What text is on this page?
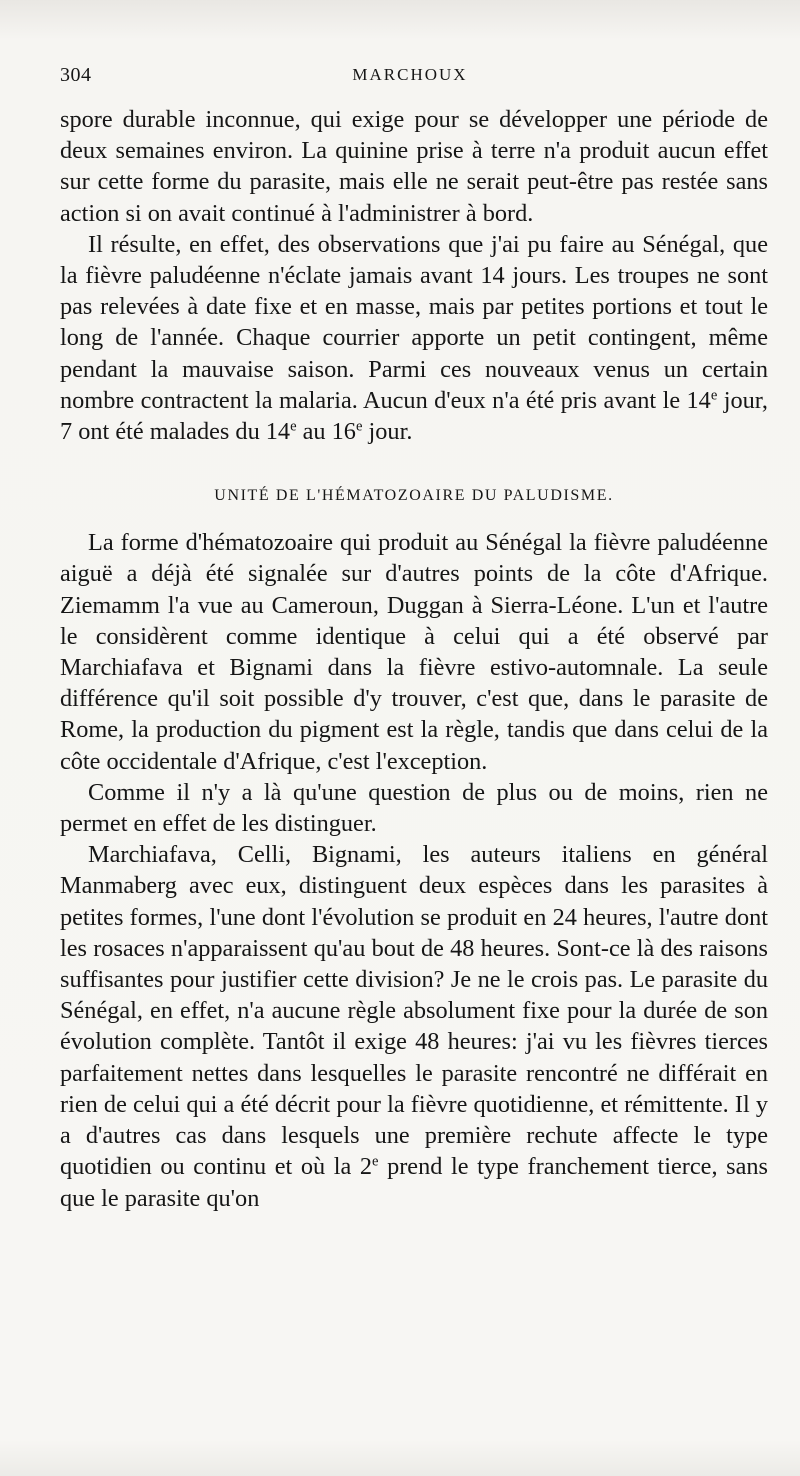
304	MARCHOUX

spore durable inconnue, qui exige pour se développer une période de deux semaines environ. La quinine prise à terre n'a produit aucun effet sur cette forme du parasite, mais elle ne serait peut-être pas restée sans action si on avait continué à l'administrer à bord.

Il résulte, en effet, des observations que j'ai pu faire au Sénégal, que la fièvre paludéenne n'éclate jamais avant 14 jours. Les troupes ne sont pas relevées à date fixe et en masse, mais par petites portions et tout le long de l'année. Chaque courrier apporte un petit contingent, même pendant la mauvaise saison. Parmi ces nouveaux venus un certain nombre contractent la malaria. Aucun d'eux n'a été pris avant le 14e jour, 7 ont été malades du 14e au 16e jour.

UNITÉ DE L'HÉMATOZOAIRE DU PALUDISME.

La forme d'hématozoaire qui produit au Sénégal la fièvre paludéenne aiguë a déjà été signalée sur d'autres points de la côte d'Afrique. Ziemamm l'a vue au Cameroun, Duggan à Sierra-Léone. L'un et l'autre le considèrent comme identique à celui qui a été observé par Marchiafava et Bignami dans la fièvre estivo-automnale. La seule différence qu'il soit possible d'y trouver, c'est que, dans le parasite de Rome, la production du pigment est la règle, tandis que dans celui de la côte occidentale d'Afrique, c'est l'exception.

Comme il n'y a là qu'une question de plus ou de moins, rien ne permet en effet de les distinguer.

Marchiafava, Celli, Bignami, les auteurs italiens en général Manmaberg avec eux, distinguent deux espèces dans les parasites à petites formes, l'une dont l'évolution se produit en 24 heures, l'autre dont les rosaces n'apparaissent qu'au bout de 48 heures. Sont-ce là des raisons suffisantes pour justifier cette division? Je ne le crois pas. Le parasite du Sénégal, en effet, n'a aucune règle absolument fixe pour la durée de son évolution complète. Tantôt il exige 48 heures: j'ai vu les fièvres tierces parfaitement nettes dans lesquelles le parasite rencontré ne différait en rien de celui qui a été décrit pour la fièvre quotidienne, et rémittente. Il y a d'autres cas dans lesquels une première rechute affecte le type quotidien ou continu et où la 2e prend le type franchement tierce, sans que le parasite qu'on
